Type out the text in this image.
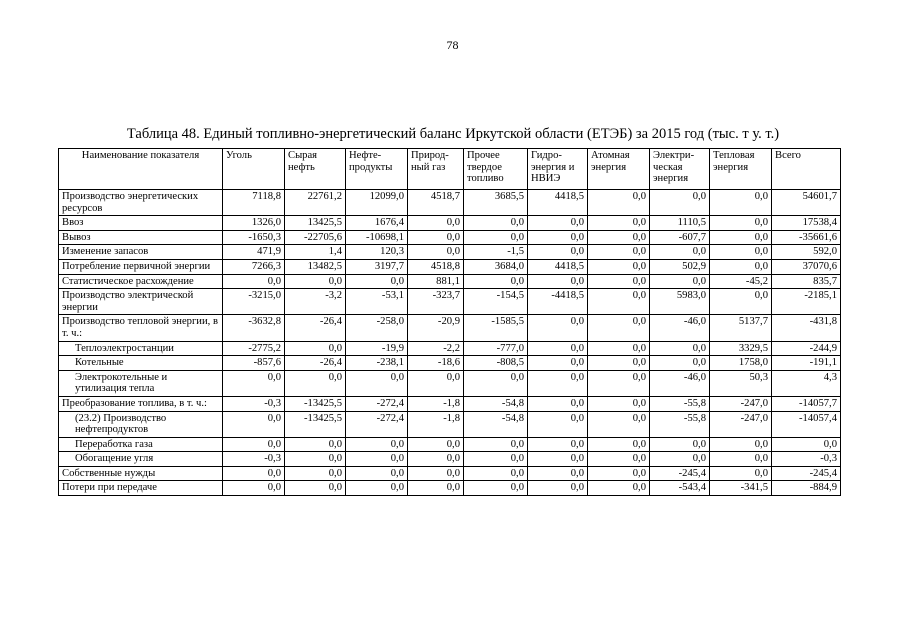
78
Таблица 48. Единый топливно-энергетический баланс Иркутской области (ЕТЭБ) за 2015 год (тыс. т у. т.)
Наименование показателя	Уголь	Сырая нефть	Нефте-продукты	Природ-ный газ	Прочее твердое топливо	Гидро-энергия и НВИЭ	Атомная энергия	Электри-ческая энергия	Тепловая энергия	Всего
Производство энергетических ресурсов	7118,8	22761,2	12099,0	4518,7	3685,5	4418,5	0,0	0,0	0,0	54601,7
Ввоз	1326,0	13425,5	1676,4	0,0	0,0	0,0	0,0	1110,5	0,0	17538,4
Вывоз	-1650,3	-22705,6	-10698,1	0,0	0,0	0,0	0,0	-607,7	0,0	-35661,6
Изменение запасов	471,9	1,4	120,3	0,0	-1,5	0,0	0,0	0,0	0,0	592,0
Потребление первичной энергии	7266,3	13482,5	3197,7	4518,8	3684,0	4418,5	0,0	502,9	0,0	37070,6
Статистическое расхождение	0,0	0,0	0,0	881,1	0,0	0,0	0,0	0,0	-45,2	835,7
Производство электрической энергии	-3215,0	-3,2	-53,1	-323,7	-154,5	-4418,5	0,0	5983,0	0,0	-2185,1
Производство тепловой энергии, в т. ч.:	-3632,8	-26,4	-258,0	-20,9	-1585,5	0,0	0,0	-46,0	5137,7	-431,8
Теплоэлектростанции	-2775,2	0,0	-19,9	-2,2	-777,0	0,0	0,0	0,0	3329,5	-244,9
Котельные	-857,6	-26,4	-238,1	-18,6	-808,5	0,0	0,0	0,0	1758,0	-191,1
Электрокотельные и утилизация тепла	0,0	0,0	0,0	0,0	0,0	0,0	0,0	-46,0	50,3	4,3
Преобразование топлива, в т. ч.:	-0,3	-13425,5	-272,4	-1,8	-54,8	0,0	0,0	-55,8	-247,0	-14057,7
(23.2) Производство нефтепродуктов	0,0	-13425,5	-272,4	-1,8	-54,8	0,0	0,0	-55,8	-247,0	-14057,4
Переработка газа	0,0	0,0	0,0	0,0	0,0	0,0	0,0	0,0	0,0	0,0
Обогащение угля	-0,3	0,0	0,0	0,0	0,0	0,0	0,0	0,0	0,0	-0,3
Собственные нужды	0,0	0,0	0,0	0,0	0,0	0,0	0,0	-245,4	0,0	-245,4
Потери при передаче	0,0	0,0	0,0	0,0	0,0	0,0	0,0	-543,4	-341,5	-884,9
